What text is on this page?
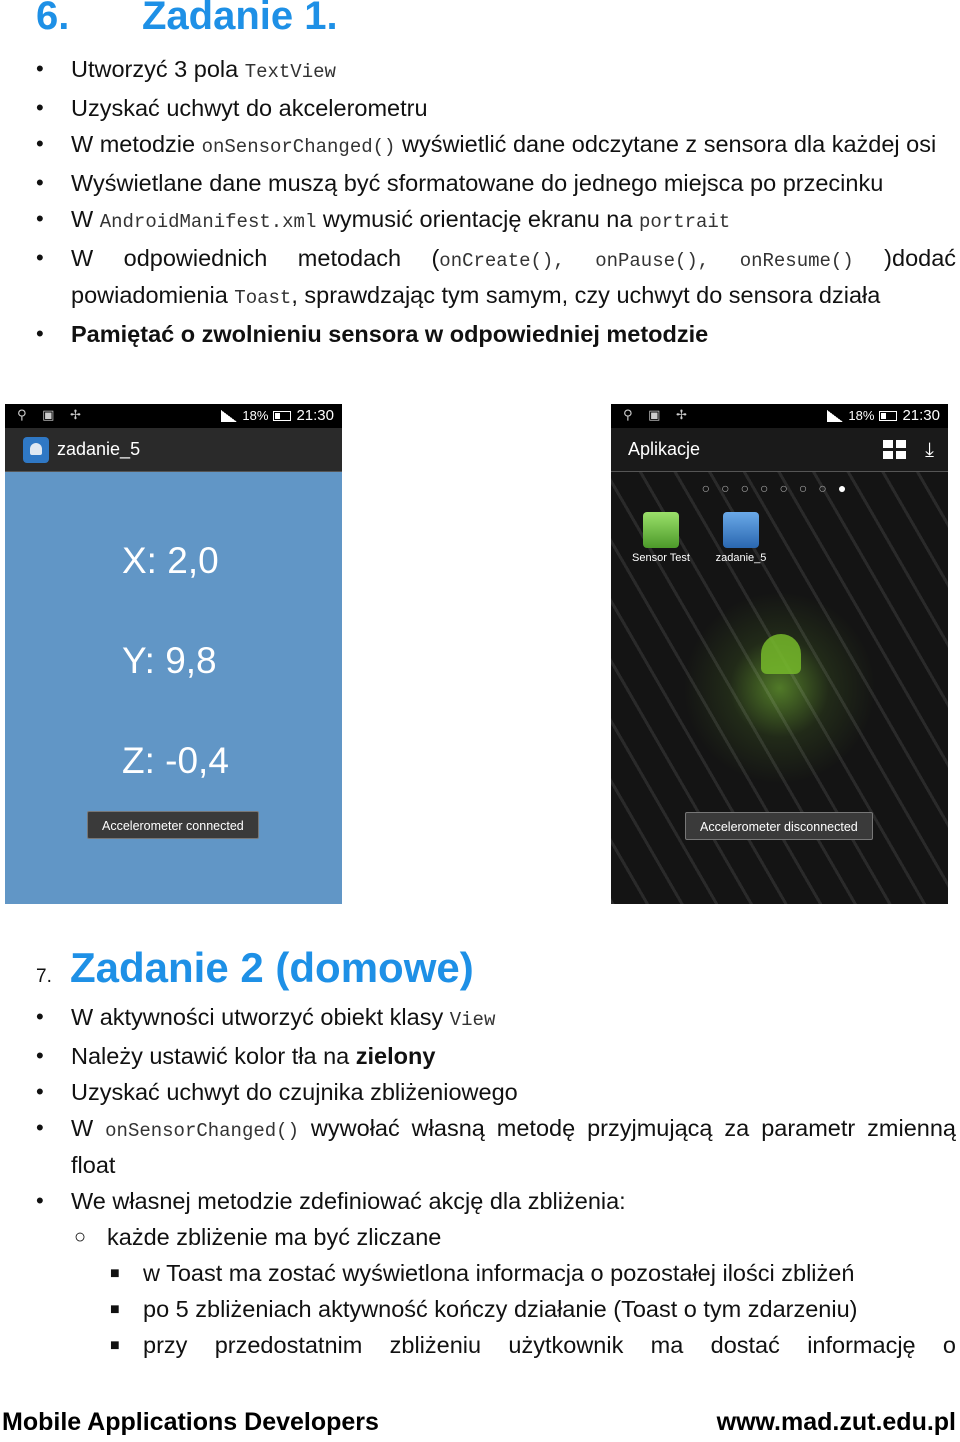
6. Zadanie 1.
• Utworzyć 3 pola TextView
• Uzyskać uchwyt do akcelerometru
• W metodzie onSensorChanged() wyświetlić dane odczytane z sensora dla każdej osi
• Wyświetlane dane muszą być sformatowane do jednego miejsca po przecinku
• W AndroidManifest.xml wymusić orientację ekranu na portrait
• W odpowiednich metodach (onCreate(), onPause(), onResume() )dodać powiadomienia Toast, sprawdzając tym samym, czy uchwyt do sensora działa
• Pamiętać o zwolnieniu sensora w odpowiedniej metodzie
⚲ ▣ ✢	18% 21:30
zadanie_5
X: 2,0
Y: 9,8
Z: -0,4
Accelerometer connected
⚲ ▣ ✢	18% 21:30
Aplikacje	⤓
○○○○○○○●
Sensor Test	zadanie_5
Accelerometer disconnected
7. Zadanie 2 (domowe)
• W aktywności utworzyć obiekt klasy View
• Należy ustawić kolor tła na zielony
• Uzyskać uchwyt do czujnika zbliżeniowego
• W onSensorChanged() wywołać własną metodę przyjmującą za parametr zmienną float
• We własnej metodzie zdefiniować akcję dla zbliżenia:
○ każde zbliżenie ma być zliczane
■ w Toast ma zostać wyświetlona informacja o pozostałej ilości zbliżeń
■ po 5 zbliżeniach aktywność kończy działanie (Toast o tym zdarzeniu)
■ przy przedostatnim zbliżeniu użytkownik ma dostać informację o
Mobile Applications Developers	www.mad.zut.edu.pl
